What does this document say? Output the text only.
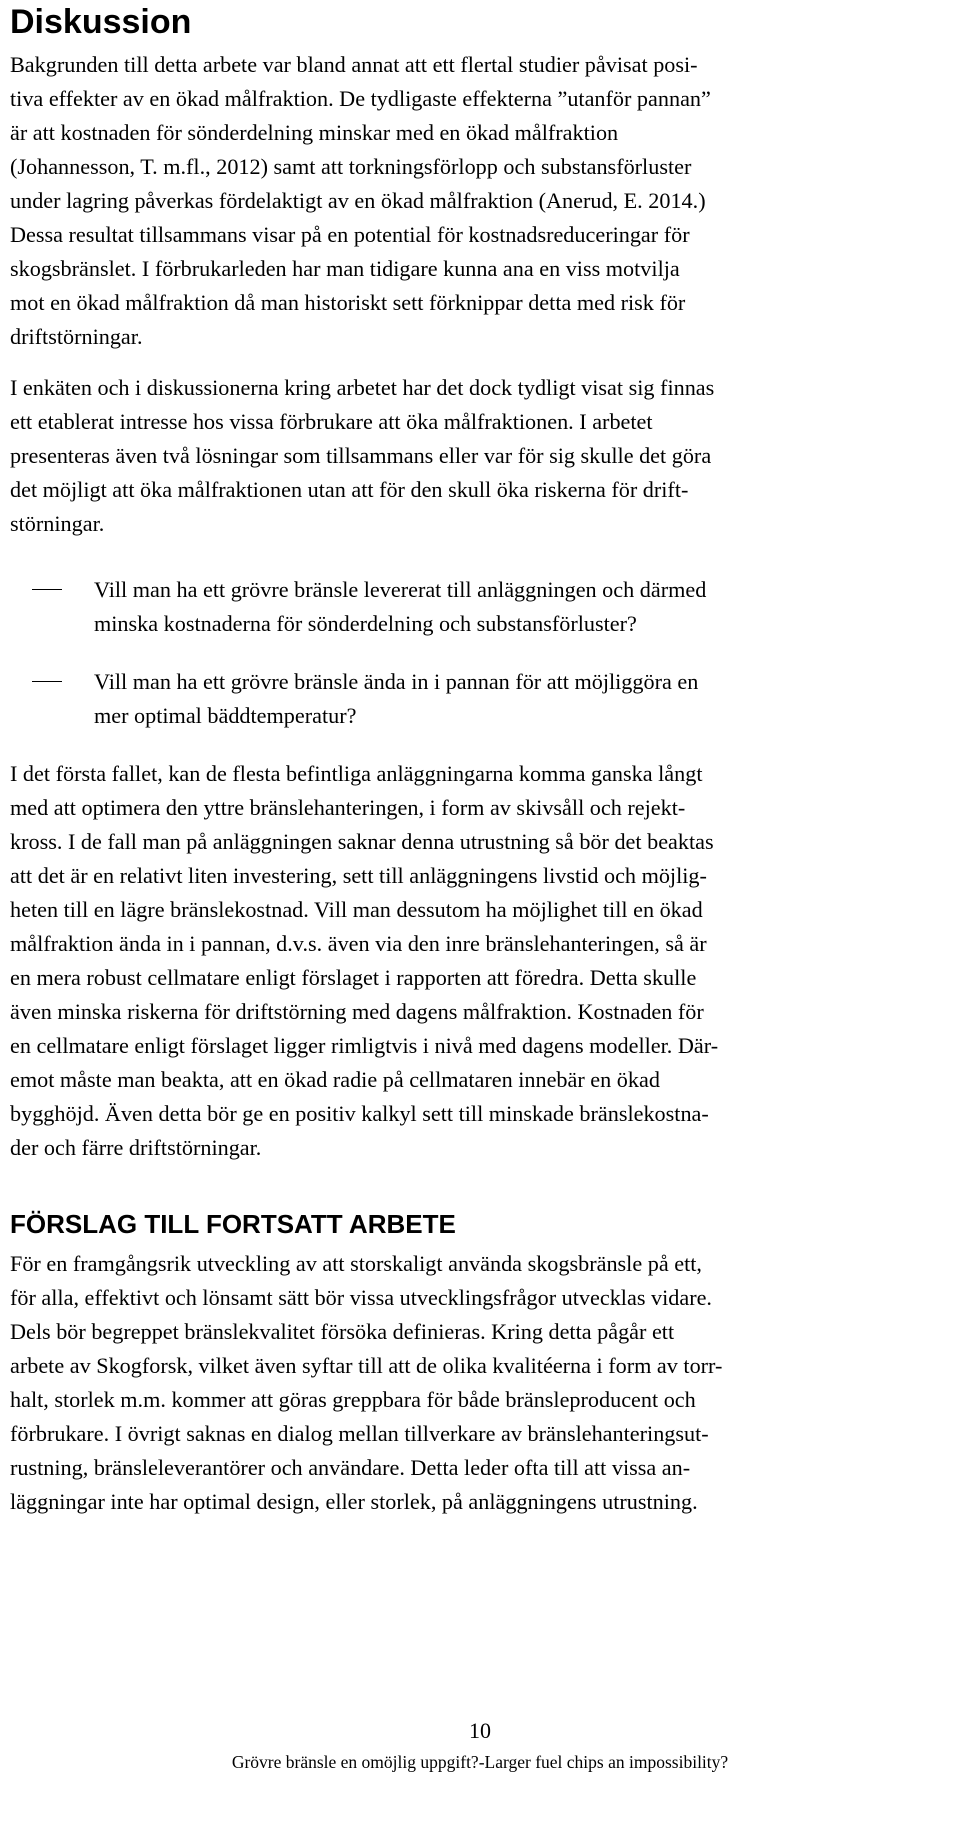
Diskussion

Bakgrunden till detta arbete var bland annat att ett flertal studier påvisat posi-
tiva effekter av en ökad målfraktion. De tydligaste effekterna ”utanför pannan”
är att kostnaden för sönderdelning minskar med en ökad målfraktion
(Johannesson, T. m.fl., 2012) samt att torkningsförlopp och substansförluster
under lagring påverkas fördelaktigt av en ökad målfraktion (Anerud, E. 2014.)
Dessa resultat tillsammans visar på en potential för kostnadsreduceringar för
skogsbränslet. I förbrukarleden har man tidigare kunna ana en viss motvilja
mot en ökad målfraktion då man historiskt sett förknippar detta med risk för
driftstörningar.

I enkäten och i diskussionerna kring arbetet har det dock tydligt visat sig finnas
ett etablerat intresse hos vissa förbrukare att öka målfraktionen. I arbetet
presenteras även två lösningar som tillsammans eller var för sig skulle det göra
det möjligt att öka målfraktionen utan att för den skull öka riskerna för drift-
störningar.

Vill man ha ett grövre bränsle levererat till anläggningen och därmed
minska kostnaderna för sönderdelning och substansförluster?
Vill man ha ett grövre bränsle ända in i pannan för att möjliggöra en
mer optimal bäddtemperatur?

I det första fallet, kan de flesta befintliga anläggningarna komma ganska långt
med att optimera den yttre bränslehanteringen, i form av skivsåll och rejekt-
kross. I de fall man på anläggningen saknar denna utrustning så bör det beaktas
att det är en relativt liten investering, sett till anläggningens livstid och möjlig-
heten till en lägre bränslekostnad. Vill man dessutom ha möjlighet till en ökad
målfraktion ända in i pannan, d.v.s. även via den inre bränslehanteringen, så är
en mera robust cellmatare enligt förslaget i rapporten att föredra. Detta skulle
även minska riskerna för driftstörning med dagens målfraktion. Kostnaden för
en cellmatare enligt förslaget ligger rimligtvis i nivå med dagens modeller. Där-
emot måste man beakta, att en ökad radie på cellmataren innebär en ökad
bygghöjd. Även detta bör ge en positiv kalkyl sett till minskade bränslekostna-
der och färre driftstörningar.

FÖRSLAG TILL FORTSATT ARBETE

För en framgångsrik utveckling av att storskaligt använda skogsbränsle på ett,
för alla, effektivt och lönsamt sätt bör vissa utvecklingsfrågor utvecklas vidare.
Dels bör begreppet bränslekvalitet försöka definieras. Kring detta pågår ett
arbete av Skogforsk, vilket även syftar till att de olika kvalitéerna i form av torr-
halt, storlek m.m. kommer att göras greppbara för både bränsleproducent och
förbrukare. I övrigt saknas en dialog mellan tillverkare av bränslehanteringsut-
rustning, bränsleleverantörer och användare. Detta leder ofta till att vissa an-
läggningar inte har optimal design, eller storlek, på anläggningens utrustning.

10
Grövre bränsle en omöjlig uppgift?-Larger fuel chips an impossibility?
